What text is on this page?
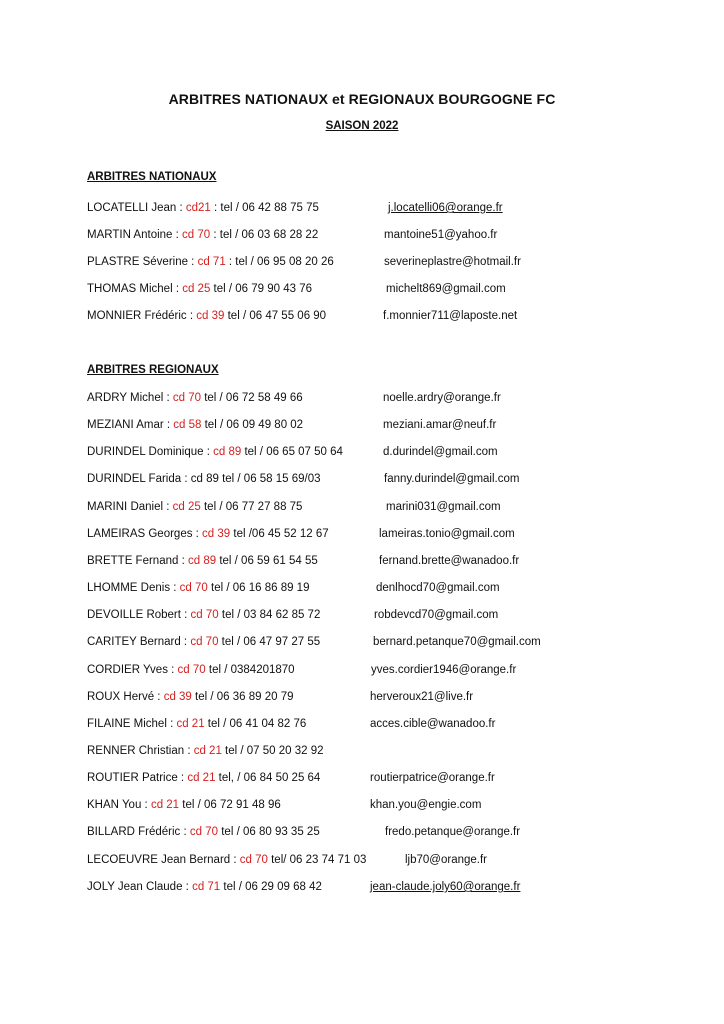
ARBITRES NATIONAUX et REGIONAUX BOURGOGNE FC
SAISON 2022
ARBITRES NATIONAUX
LOCATELLI Jean : cd21 : tel / 06 42 88 75 75	j.locatelli06@orange.fr
MARTIN Antoine : cd 70 : tel / 06 03 68 28 22	mantoine51@yahoo.fr
PLASTRE Séverine : cd 71 : tel / 06 95 08 20 26	severineplastre@hotmail.fr
THOMAS Michel : cd 25 tel / 06 79 90 43 76	michelt869@gmail.com
MONNIER Frédéric : cd 39 tel / 06 47 55 06 90	f.monnier711@laposte.net
ARBITRES REGIONAUX
ARDRY Michel : cd 70 tel / 06 72 58 49 66	noelle.ardry@orange.fr
MEZIANI Amar : cd 58 tel / 06 09 49 80 02	meziani.amar@neuf.fr
DURINDEL Dominique : cd 89 tel / 06 65 07 50 64	d.durindel@gmail.com
DURINDEL Farida : cd 89 tel / 06 58 15 69/03	fanny.durindel@gmail.com
MARINI Daniel : cd 25 tel / 06 77 27 88 75	marini031@gmail.com
LAMEIRAS Georges : cd 39 tel /06 45 52 12 67	lameiras.tonio@gmail.com
BRETTE Fernand : cd 89 tel / 06 59 61 54 55	fernand.brette@wanadoo.fr
LHOMME Denis : cd 70 tel / 06 16 86 89 19	denlhocd70@gmail.com
DEVOILLE Robert : cd 70 tel / 03 84 62 85 72	robdevcd70@gmail.com
CARITEY Bernard : cd 70 tel / 06 47 97 27 55	bernard.petanque70@gmail.com
CORDIER Yves : cd 70 tel / 0384201870	yves.cordier1946@orange.fr
ROUX Hervé : cd 39 tel / 06 36 89 20 79	herveroux21@live.fr
FILAINE Michel : cd 21 tel / 06 41 04 82 76	acces.cible@wanadoo.fr
RENNER Christian : cd 21 tel / 07 50 20 32 92
ROUTIER Patrice : cd 21 tel, / 06 84 50 25 64	routierpatrice@orange.fr
KHAN You : cd 21 tel / 06 72 91 48 96	khan.you@engie.com
BILLARD Frédéric : cd 70 tel / 06 80 93 35 25	fredo.petanque@orange.fr
LECOEUVRE Jean Bernard : cd 70 tel/ 06 23 74 71 03	ljb70@orange.fr
JOLY Jean Claude : cd 71 tel / 06 29 09 68 42	jean-claude.joly60@orange.fr
